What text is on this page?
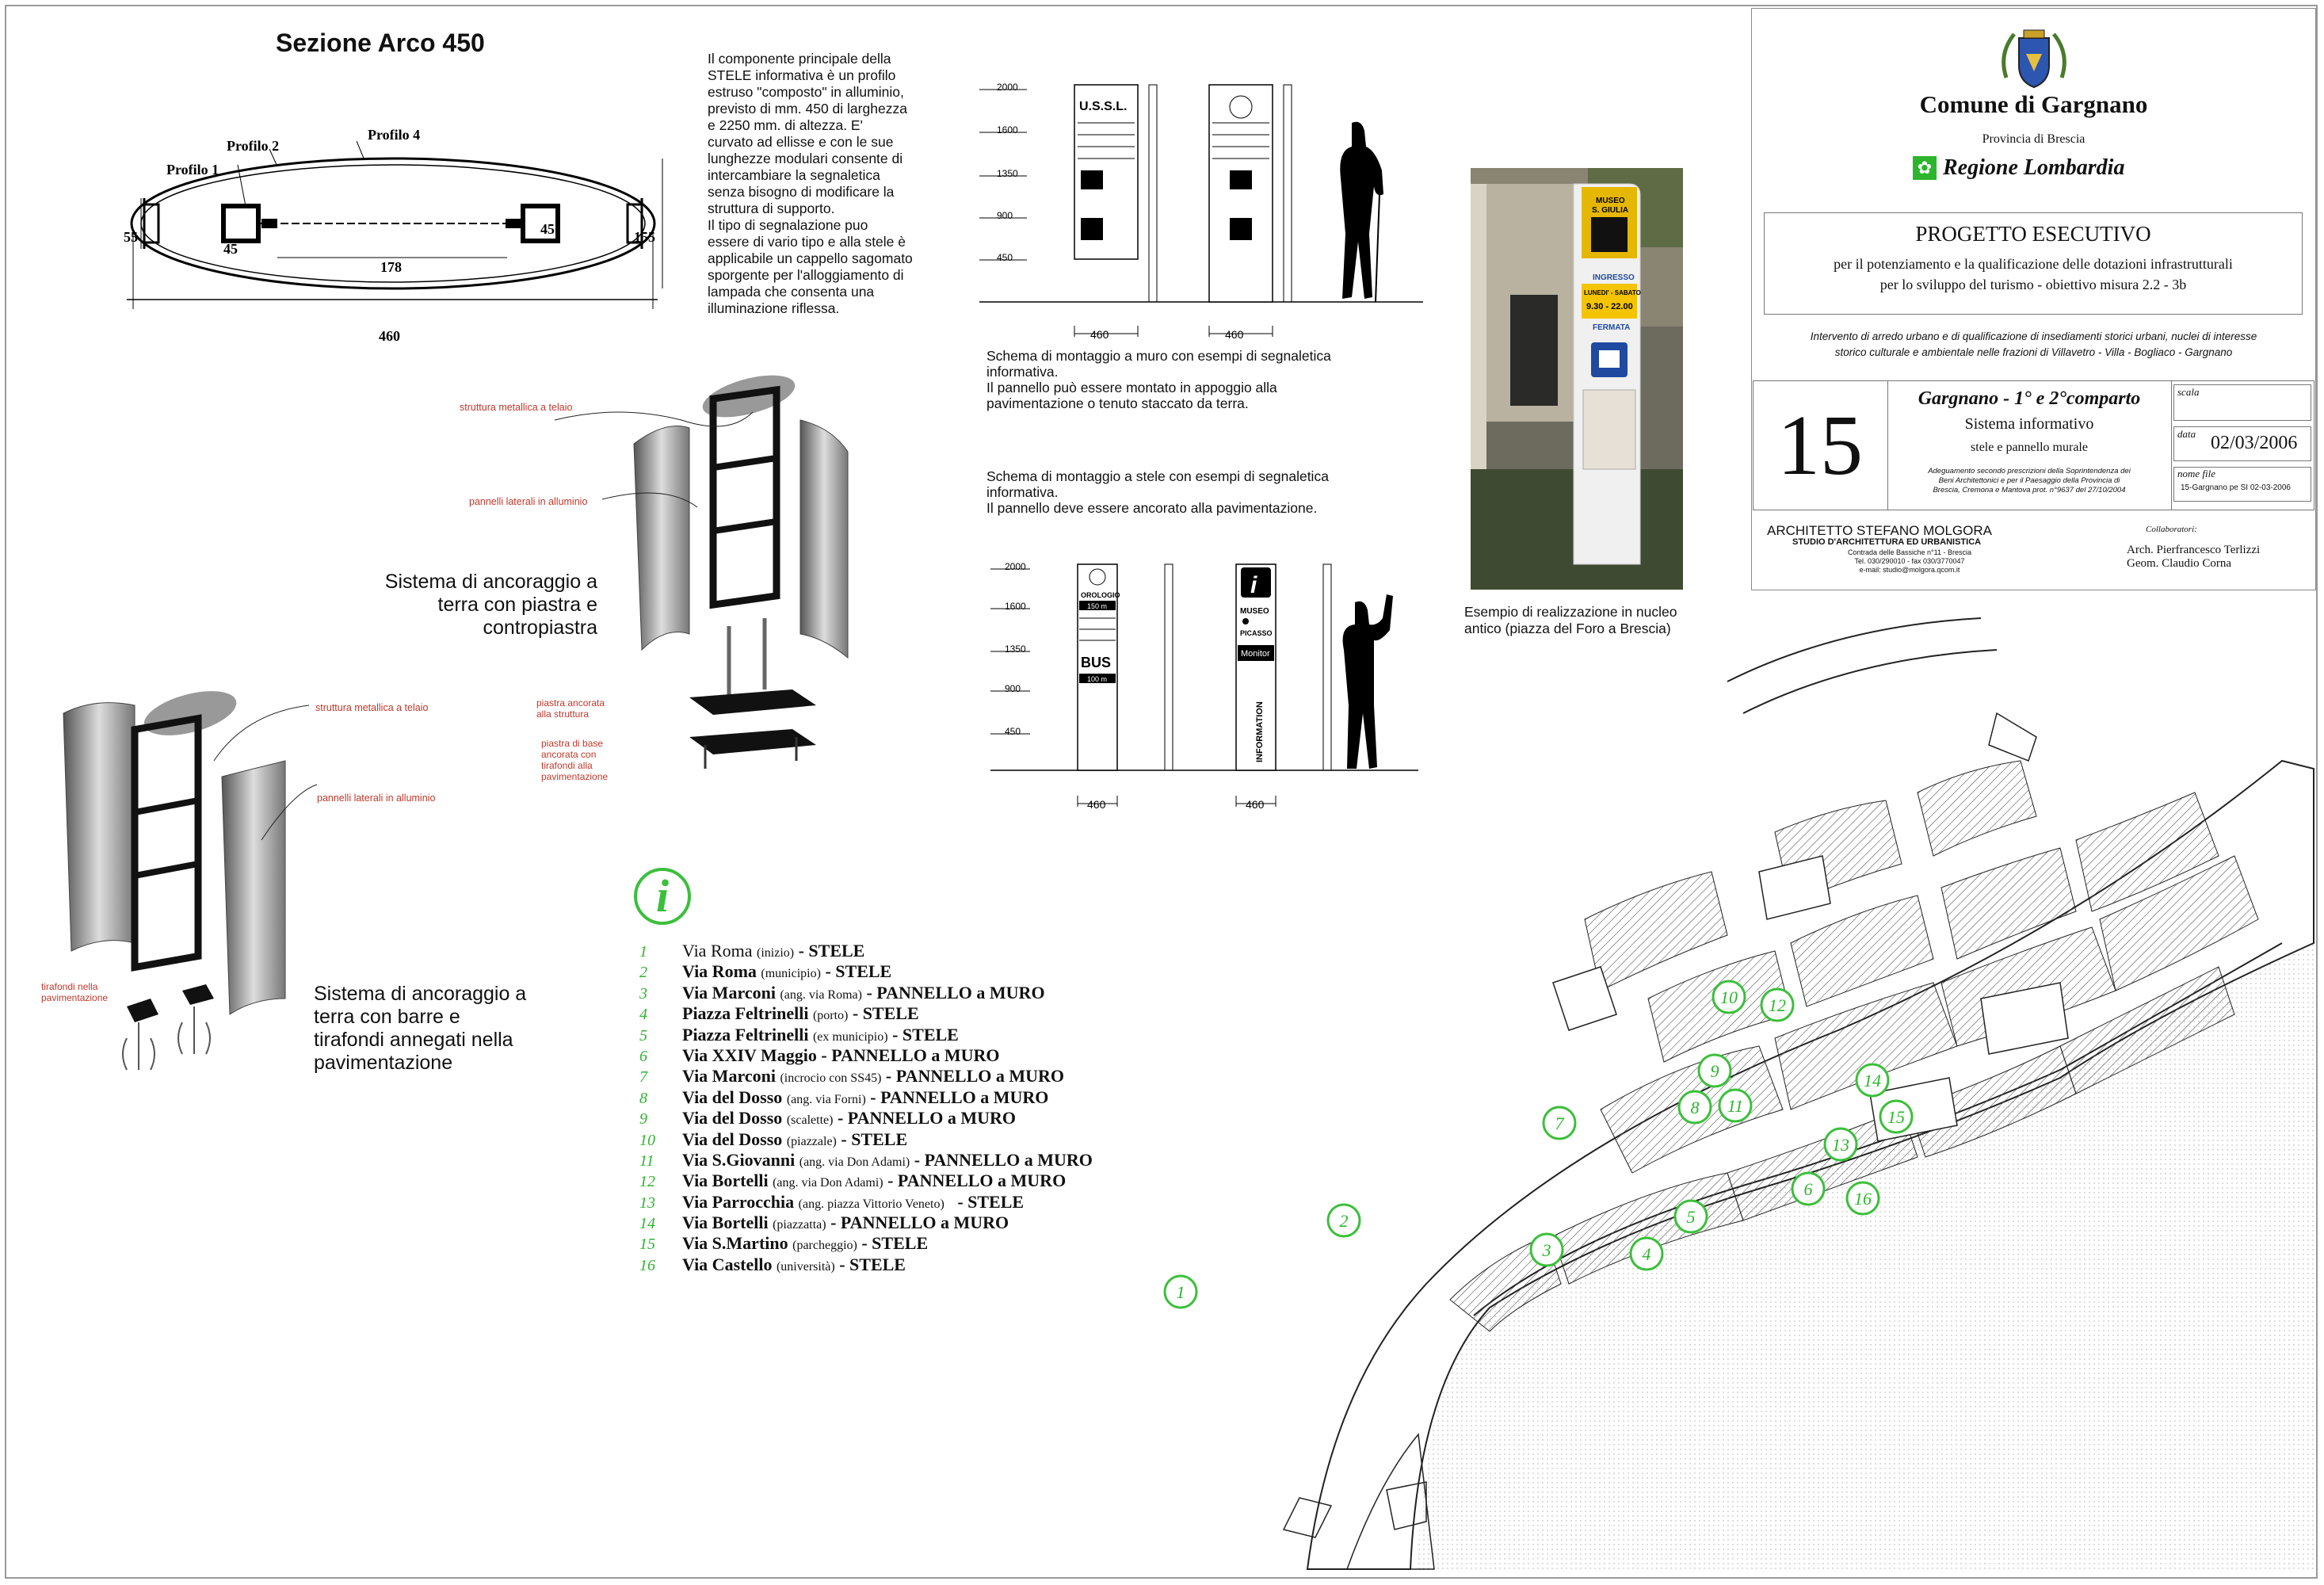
Sezione Arco 450
Profilo 1
Profilo 2
Profilo 4
45
45
178
55	155
460
Il componente principale della
STELE informativa è un profilo
estruso "composto" in alluminio,
previsto di mm. 450 di larghezza
e 2250 mm. di altezza. E'
curvato ad ellisse e con le sue
lunghezze modulari consente di
intercambiare la segnaletica
senza bisogno di modificare la
struttura di supporto.
Il tipo di segnalazione puo
essere di vario tipo e alla stele è
applicabile un cappello sagomato
sporgente per l'alloggiamento di
lampada che consenta una
illuminazione riflessa.
struttura metallica a telaio
pannelli laterali in alluminio
piastra ancorata
alla struttura
piastra di base
ancorata con
tirafondi alla
pavimentazione
Sistema di ancoraggio a
terra con piastra e
contropiastra
struttura metallica a telaio
pannelli laterali in alluminio
tirafondi nella
pavimentazione	Sistema di ancoraggio a
terra con barre e
tirafondi annegati nella
pavimentazione
2000
1600
1350
900
450
U.S.S.L.
460	460
Schema di montaggio a muro con esempi di segnaletica
informativa.
Il pannello può essere montato in appoggio alla
pavimentazione o tenuto staccato da terra.
Schema di montaggio a stele con esempi di segnaletica
informativa.
Il pannello deve essere ancorato alla pavimentazione.
2000
1600
1350
900
450
OROLOGIO
150 m
BUS
100 m
i
MUSEO
PICASSO
Monitor
INFORMATION
460	460
MUSEO
S. GIULIA
INGRESSO
LUNEDI' - SABATO
9.30 - 22.00
FERMATA
Esempio di realizzazione in nucleo
antico (piazza del Foro a Brescia)
i
1	Via Roma
(inizio)
- STELE
2	Via Roma
(municipio)
- STELE
3	Via Marconi
(ang. via Roma)
- PANNELLO a MURO
4	Piazza Feltrinelli
(porto)
- STELE
5	Piazza Feltrinelli
(ex municipio)
- STELE
6	Via XXIV Maggio
- PANNELLO a MURO
7	Via Marconi
(incrocio con SS45)
- PANNELLO a MURO
8	Via del Dosso
(ang. via Forni)
- PANNELLO a MURO
9	Via del Dosso
(scalette)
- PANNELLO a MURO
10	Via del Dosso
(piazzale)
- STELE
11	Via S.Giovanni
(ang. via Don Adami)
- PANNELLO a MURO
12	Via Bortelli
(ang. via Don Adami)
- PANNELLO a MURO
13	Via Parrocchia
(ang. piazza Vittorio Veneto)
- STELE
14	Via Bortelli
(piazzatta)
- PANNELLO a MURO
15	Via S.Martino
(parcheggio)
- STELE
16	Via Castello
(università)
- STELE
Comune di Gargnano
Provincia di Brescia
✿ Regione Lombardia
PROGETTO ESECUTIVO
per il potenziamento e la qualificazione delle dotazioni infrastrutturali
per lo sviluppo del turismo - obiettivo misura 2.2 - 3b
Intervento di arredo urbano e di qualificazione di insediamenti storici urbani, nuclei di interesse
storico culturale e ambientale nelle frazioni di Villavetro - Villa - Bogliaco - Gargnano
15	Gargnano - 1° e 2°comparto
Sistema informativo
stele e pannello murale
Adeguamento secondo prescrizioni della Soprintendenza dei
Beni Architettonici e per il Paesaggio della Provincia di
Brescia, Cremona e Mantova prot. n°9637 del 27/10/2004
scala
data 02/03/2006
nome file
15-Gargnano pe SI 02-03-2006
ARCHITETTO STEFANO MOLGORA
STUDIO D'ARCHITETTURA ED URBANISTICA
Contrada delle Bassiche n°11 - Brescia
Tel. 030/290010 - fax 030/3770047
e-mail: studio@molgora.qcom.it
Collaboratori:
Arch. Pierfrancesco Terlizzi
Geom. Claudio Corna
1
2
3	4
5
6
7
8
9
10
11
12
13
14
15
16
